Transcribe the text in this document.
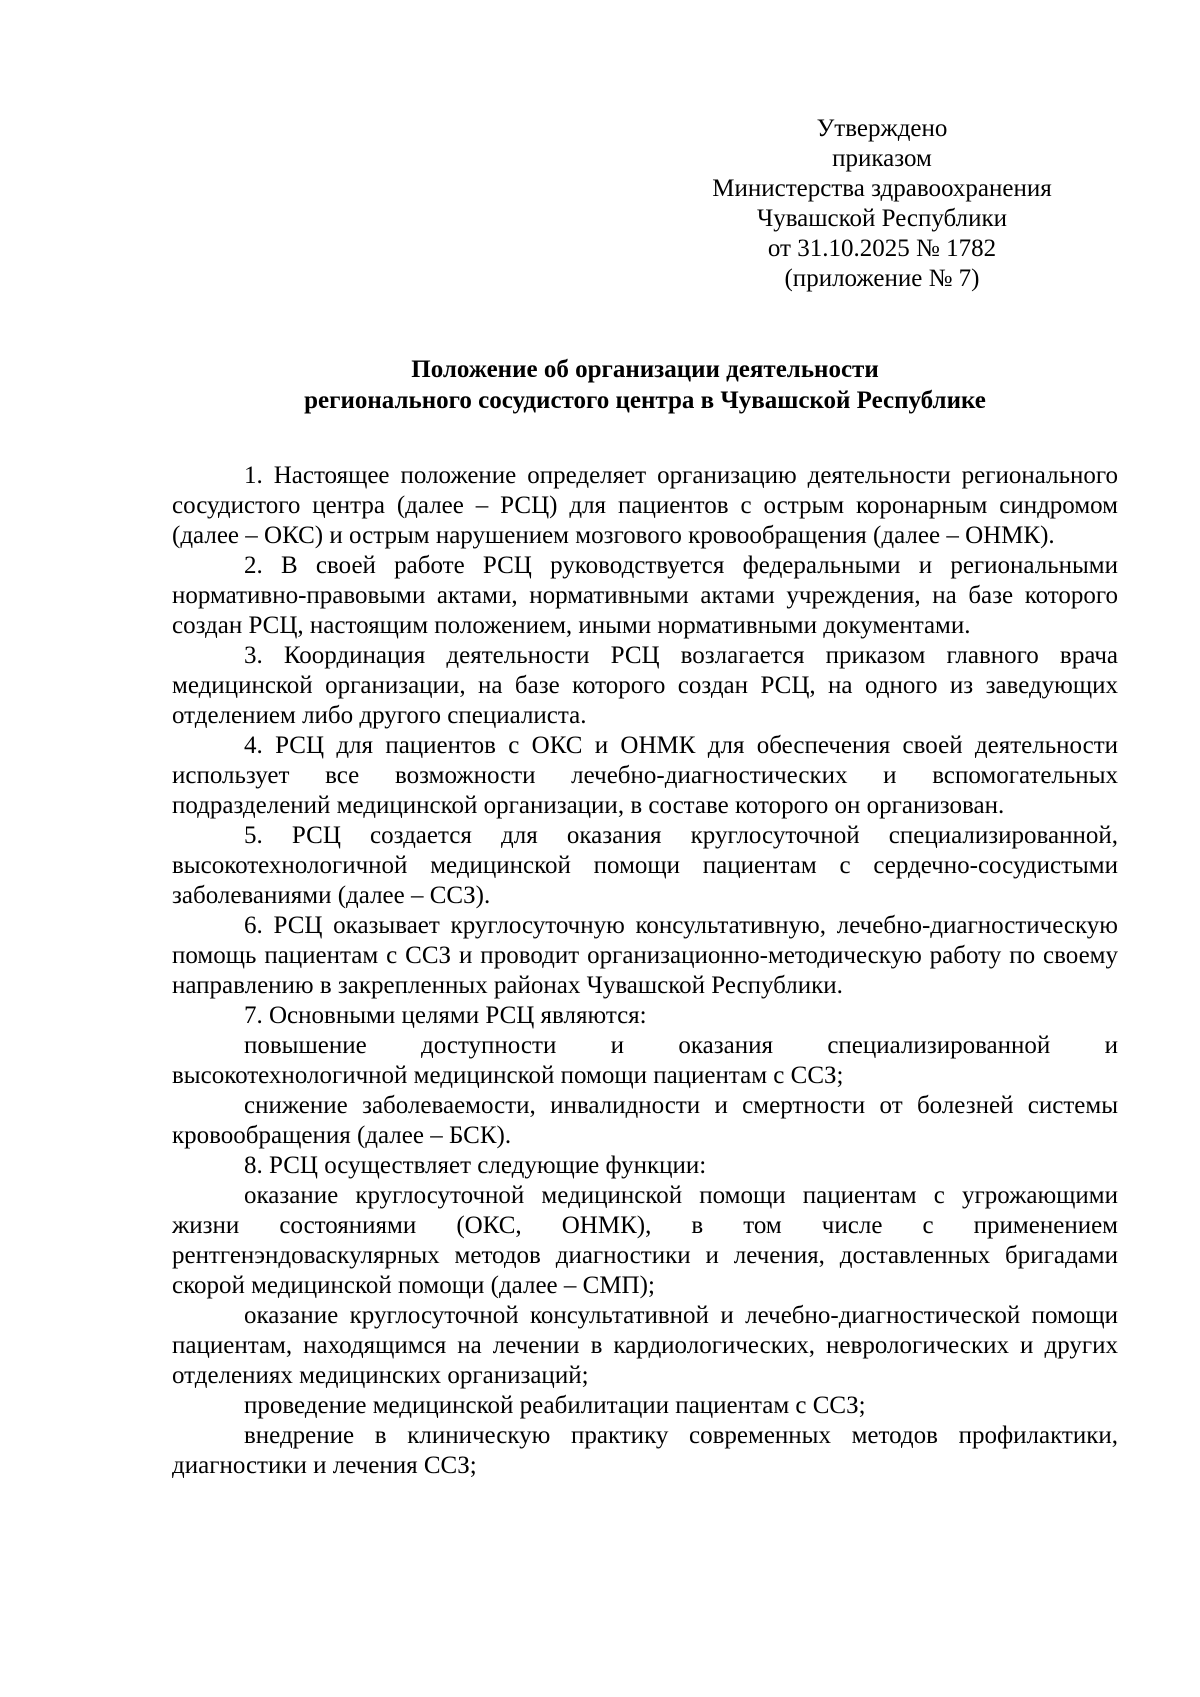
Утверждено
приказом
Министерства здравоохранения
Чувашской Республики
от 31.10.2025 № 1782
(приложение № 7)
Положение об организации деятельности
регионального сосудистого центра в Чувашской Республике

1. Настоящее положение определяет организацию деятельности регионального сосудистого центра (далее – РСЦ) для пациентов с острым коронарным синдромом (далее – ОКС) и острым нарушением мозгового кровообращения (далее – ОНМК).

2. В своей работе РСЦ руководствуется федеральными и региональными нормативно-правовыми актами, нормативными актами учреждения, на базе которого создан РСЦ, настоящим положением, иными нормативными документами.

3. Координация деятельности РСЦ возлагается приказом главного врача медицинской организации, на базе которого создан РСЦ, на одного из заведующих отделением либо другого специалиста.

4. РСЦ для пациентов с ОКС и ОНМК для обеспечения своей деятельности использует все возможности лечебно-диагностических и вспомогательных подразделений медицинской организации, в составе которого он организован.

5. РСЦ создается для оказания круглосуточной специализированной, высокотехнологичной медицинской помощи пациентам с сердечно-сосудистыми заболеваниями (далее – ССЗ).

6. РСЦ оказывает круглосуточную консультативную, лечебно-диагностическую помощь пациентам с ССЗ и проводит организационно-методическую работу по своему направлению в закрепленных районах Чувашской Республики.

7. Основными целями РСЦ являются:

повышение доступности и оказания специализированной и высокотехнологичной медицинской помощи пациентам с ССЗ;

снижение заболеваемости, инвалидности и смертности от болезней системы кровообращения (далее – БСК).

8. РСЦ осуществляет следующие функции:

оказание круглосуточной медицинской помощи пациентам с угрожающими жизни состояниями (ОКС, ОНМК), в том числе с применением рентгенэндоваскулярных методов диагностики и лечения, доставленных бригадами скорой медицинской помощи (далее – СМП);

оказание круглосуточной консультативной и лечебно-диагностической помощи пациентам, находящимся на лечении в кардиологических, неврологических и других отделениях медицинских организаций;

проведение медицинской реабилитации пациентам с ССЗ;

внедрение в клиническую практику современных методов профилактики, диагностики и лечения ССЗ;
